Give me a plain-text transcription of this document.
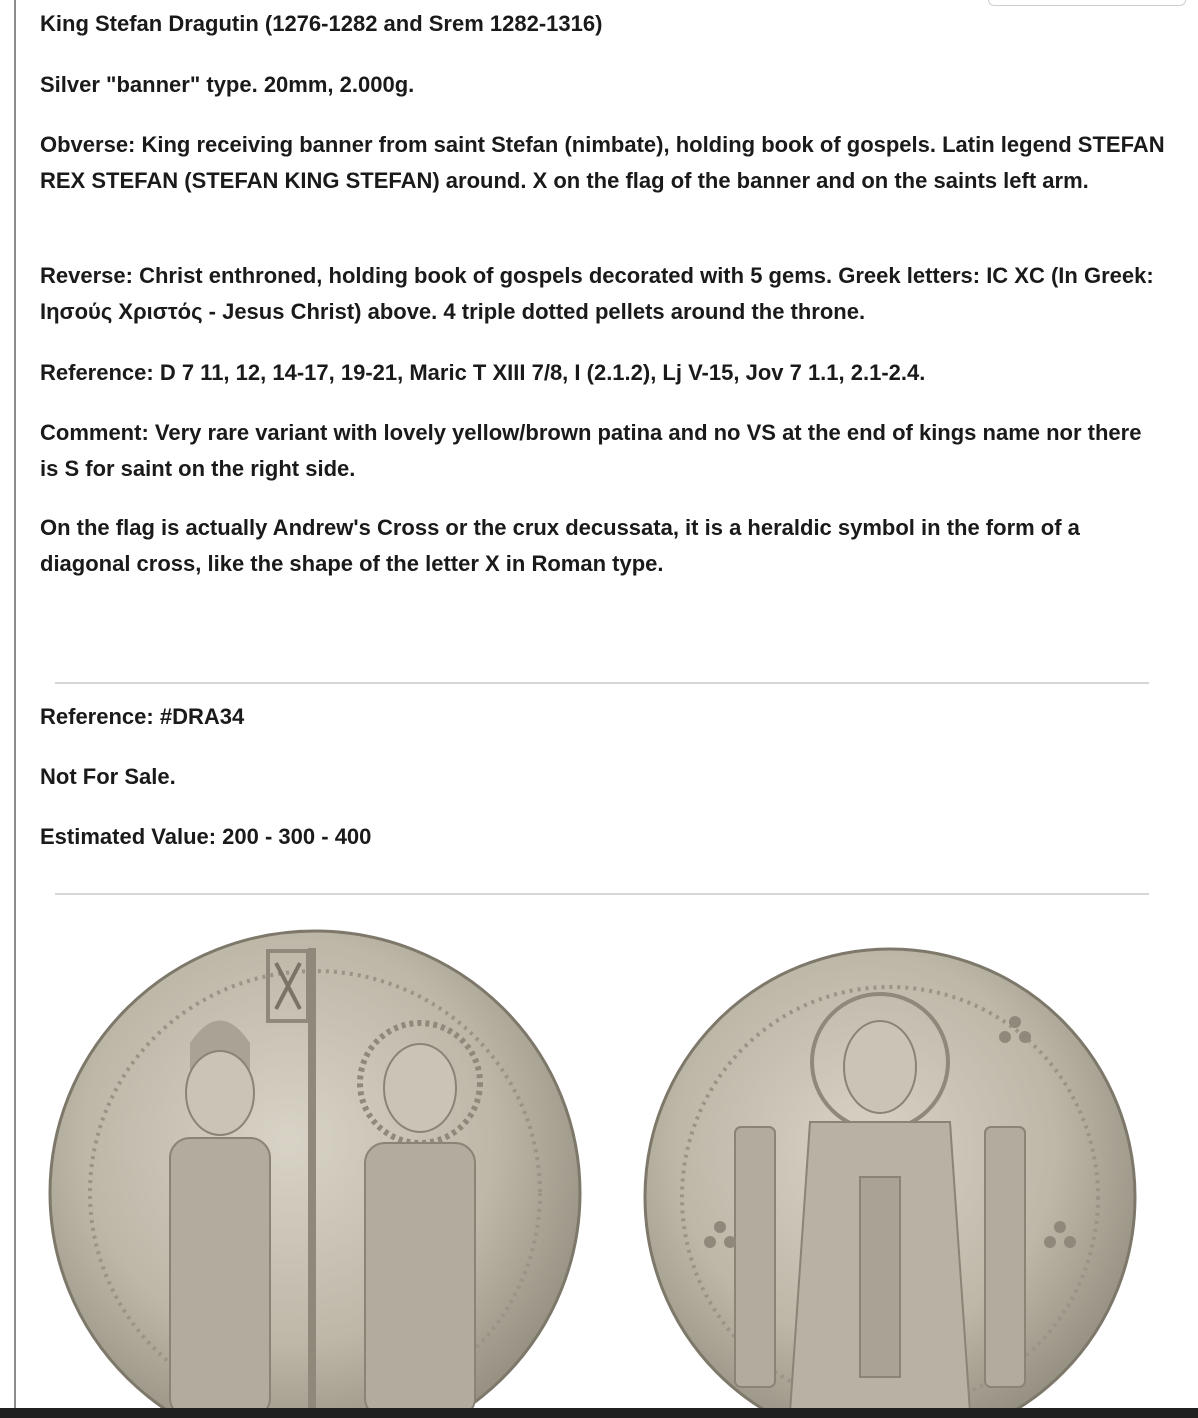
King Stefan Dragutin (1276-1282 and Srem 1282-1316)

Silver "banner" type. 20mm, 2.000g.

Obverse: King receiving banner from saint Stefan (nimbate), holding book of gospels. Latin legend STEFAN REX STEFAN (STEFAN KING STEFAN) around. X on the flag of the banner and on the saints left arm.

Reverse: Christ enthroned, holding book of gospels decorated with 5 gems. Greek letters: IC XC (In Greek: Ιησούς Χριστός - Jesus Christ) above. 4 triple dotted pellets around the throne.

Reference: D 7 11, 12, 14-17, 19-21, Maric T XIII 7/8, I (2.1.2), Lj V-15, Jov 7 1.1, 2.1-2.4.

Comment: Very rare variant with lovely yellow/brown patina and no VS at the end of kings name nor there is S for saint on the right side.

On the flag is actually Andrew's Cross or the crux decussata, it is a heraldic symbol in the form of a diagonal cross, like the shape of the letter X in Roman type.

Reference: #DRA34

Not For Sale.

Estimated Value: 200 - 300 - 400
